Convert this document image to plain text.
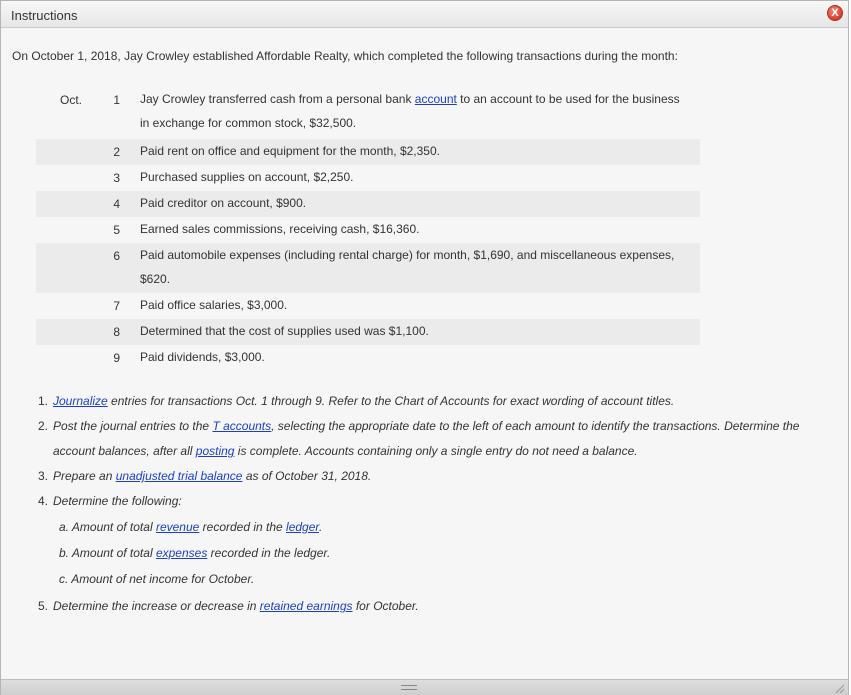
Instructions	X

On October 1, 2018, Jay Crowley established Affordable Realty, which completed the following transactions during the month:

Oct.	1 Jay Crowley transferred cash from a personal bank account to an account to be used for the business in exchange for common stock, $32,500.
2 Paid rent on office and equipment for the month, $2,350.
3 Purchased supplies on account, $2,250.
4 Paid creditor on account, $900.
5 Earned sales commissions, receiving cash, $16,360.
6 Paid automobile expenses (including rental charge) for month, $1,690, and miscellaneous expenses, $620.
7 Paid office salaries, $3,000.
8 Determined that the cost of supplies used was $1,100.
9 Paid dividends, $3,000.
1. Journalize entries for transactions Oct. 1 through 9. Refer to the Chart of Accounts for exact wording of account titles.
2. Post the journal entries to the T accounts, selecting the appropriate date to the left of each amount to identify the transactions. Determine the account balances, after all posting is complete. Accounts containing only a single entry do not need a balance.
3. Prepare an unadjusted trial balance as of October 31, 2018.
4. Determine the following:
a. Amount of total revenue recorded in the ledger.
b. Amount of total expenses recorded in the ledger.
c. Amount of net income for October.
5. Determine the increase or decrease in retained earnings for October.
